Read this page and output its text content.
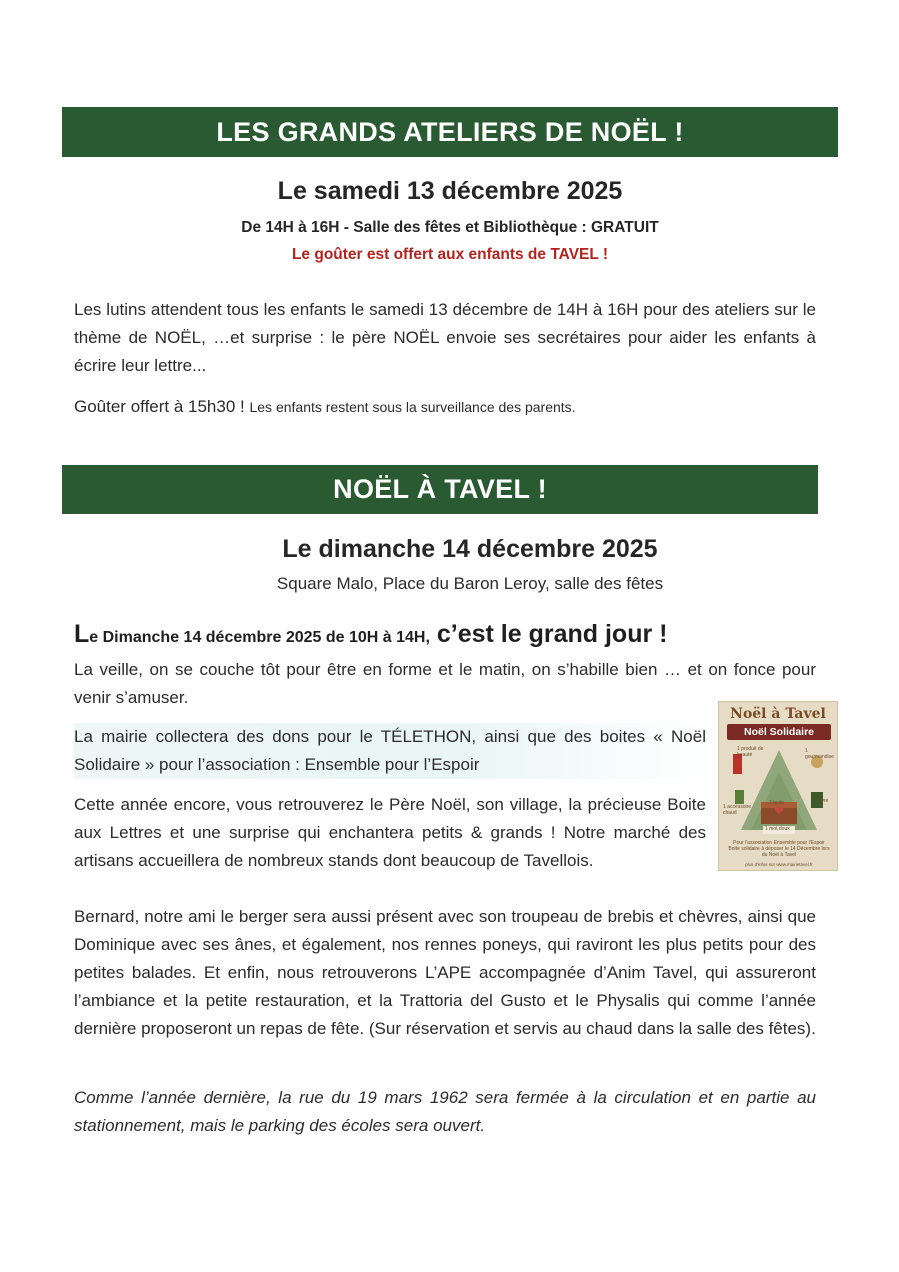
LES GRANDS ATELIERS DE NOËL !
Le samedi 13 décembre 2025
De 14H à 16H - Salle des fêtes et Bibliothèque : GRATUIT
Le goûter est offert aux enfants de TAVEL !

Les lutins attendent tous les enfants le samedi 13 décembre de 14H à 16H pour des ateliers sur le thème de NOËL, …et surprise : le père NOËL envoie ses secrétaires pour aider les enfants à écrire leur lettre...

Goûter offert à 15h30 ! Les enfants restent sous la surveillance des parents.

NOËL À TAVEL !
Le dimanche 14 décembre 2025
Square Malo, Place du Baron Leroy, salle des fêtes
Le Dimanche 14 décembre 2025 de 10H à 14H, c’est le grand jour !

La veille, on se couche tôt pour être en forme et le matin, on s’habille bien … et on fonce pour venir s’amuser.

La mairie collectera des dons pour le TÉLETHON, ainsi que des boites « Noël Solidaire » pour l’association : Ensemble pour l’Espoir

Cette année encore, vous retrouverez le Père Noël, son village, la précieuse Boite aux Lettres et une surprise qui enchantera petits & grands ! Notre marché des artisans accueillera de nombreux stands dont beaucoup de Tavellois.

Bernard, notre ami le berger sera aussi présent avec son troupeau de brebis et chèvres, ainsi que Dominique avec ses ânes, et également, nos rennes poneys, qui raviront les plus petits pour des petites balades. Et enfin, nous retrouverons L’APE accompagnée d’Anim Tavel, qui assureront l’ambiance et la petite restauration, et la Trattoria del Gusto et le Physalis qui comme l’année dernière proposeront un repas de fête. (Sur réservation et servis au chaud dans la salle des fêtes).

Comme l’année dernière, la rue du 19 mars 1962 sera fermée à la circulation et en partie au stationnement, mais le parking des écoles sera ouvert.

Noël à Tavel
Noël Solidaire
1 produit de beauté
1 gourmandise
1 accessoire chaud
1 boite	1 livre
1 mot doux
Pour l'association Ensemble pour l'Espoir
Boite solidaire à déposer le 14 Décembre lors du Noël à Tavel
plus d'infos sur www.mairietavel.fr
